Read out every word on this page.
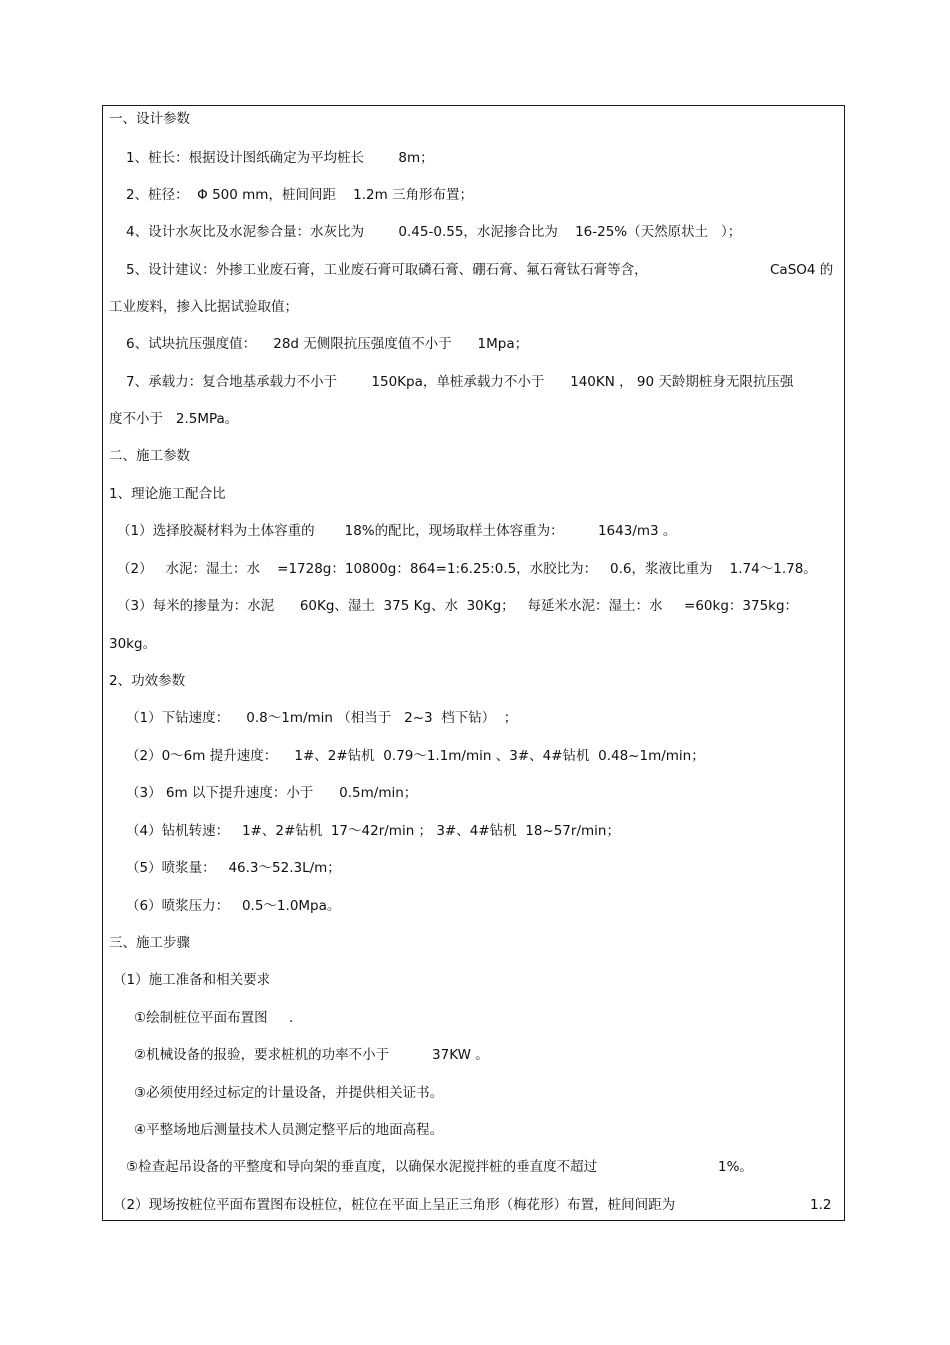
一、设计参数
1、桩长：根据设计图纸确定为平均桩长        8m；
2、桩径：  Φ 500 mm，桩间间距    1.2m 三角形布置；
4、设计水灰比及水泥参合量：水灰比为        0.45-0.55，水泥掺合比为    16-25%（天然原状土   ）；
5、设计建议：外掺工业废石膏，工业废石膏可取磷石膏、硼石膏、氟石膏钛石膏等含，	CaSO4 的
工业废料，掺入比据试验取值；
6、试块抗压强度值：    28d 无侧限抗压强度值不小于      1Mpa；
7、承载力：复合地基承载力不小于        150Kpa，单桩承载力不小于      140KN ， 90 天龄期桩身无限抗压强
度不小于   2.5MPa。
二、施工参数
1、理论施工配合比
（1）选择胶凝材料为土体容重的       18%的配比，现场取样土体容重为：        1643/m3 。
（2）   水泥：湿土：水    =1728g：10800g：864=1:6.25:0.5，水胶比为：   0.6，浆液比重为    1.74～1.78。
（3）每米的掺量为：水泥      60Kg、湿土  375 Kg、水  30Kg；   每延米水泥：湿土：水     =60kg：375kg：
30kg。
2、功效参数
（1）下钻速度：    0.8～1m/min （相当于   2~3  档下钻）  ；
（2）0～6m 提升速度：    1#、2#钻机  0.79～1.1m/min 、3#、4#钻机  0.48~1m/min；
（3） 6m 以下提升速度：小于      0.5m/min；
（4）钻机转速：   1#、2#钻机  17～42r/min ； 3#、4#钻机  18~57r/min；
（5）喷浆量：   46.3～52.3L/m；
（6）喷浆压力：   0.5～1.0Mpa。
三、施工步骤
（1）施工准备和相关要求
①绘制桩位平面布置图     .
②机械设备的报验，要求桩机的功率不小于          37KW 。
③必须使用经过标定的计量设备，并提供相关证书。
④平整场地后测量技术人员测定整平后的地面高程。
⑤检查起吊设备的平整度和导向架的垂直度，以确保水泥搅拌桩的垂直度不超过	1%。
（2）现场按桩位平面布置图布设桩位，桩位在平面上呈正三角形（梅花形）布置，桩间间距为	1.2
